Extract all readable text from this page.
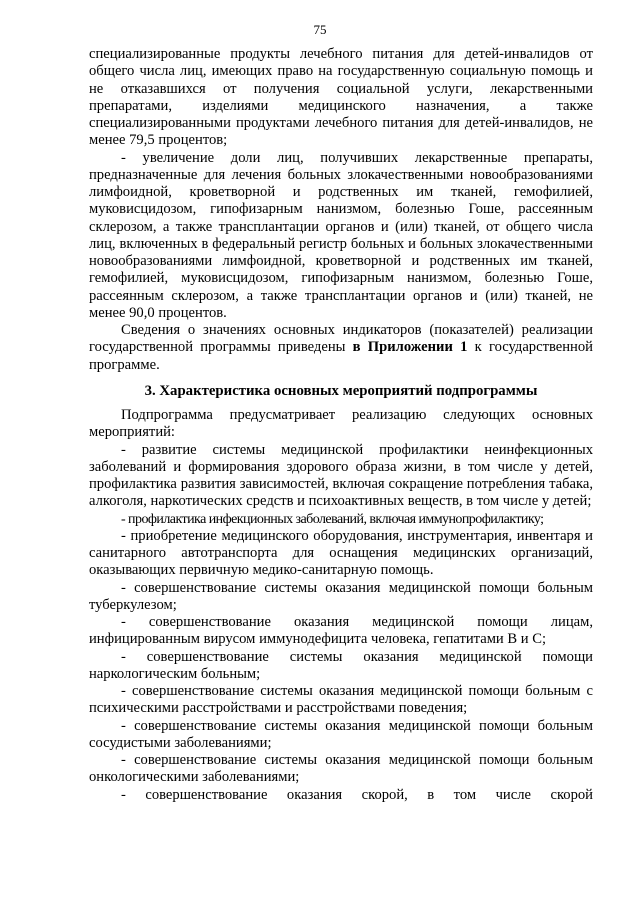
75

специализированные продукты лечебного питания для детей-инвалидов от общего числа лиц, имеющих право на государственную социальную помощь и не отказавшихся от получения социальной услуги, лекарственными препаратами, изделиями медицинского назначения, а также специализированными продуктами лечебного питания для детей-инвалидов, не менее 79,5 процентов;

- увеличение доли лиц, получивших лекарственные препараты, предназначенные для лечения больных злокачественными новообразованиями лимфоидной, кроветворной и родственных им тканей, гемофилией, муковисцидозом, гипофизарным нанизмом, болезнью Гоше, рассеянным склерозом, а также трансплантации органов и (или) тканей, от общего числа лиц, включенных в федеральный регистр больных и больных злокачественными новообразованиями лимфоидной, кроветворной и родственных им тканей, гемофилией, муковисцидозом, гипофизарным нанизмом, болезнью Гоше, рассеянным склерозом, а также трансплантации органов и (или) тканей, не менее 90,0 процентов.

Сведения о значениях основных индикаторов (показателей) реализации государственной программы приведены в Приложении 1 к государственной программе.

3. Характеристика основных мероприятий подпрограммы

Подпрограмма предусматривает реализацию следующих основных мероприятий:

- развитие системы медицинской профилактики неинфекционных заболеваний и формирования здорового образа жизни, в том числе у детей, профилактика развития зависимостей, включая сокращение потребления табака, алкоголя, наркотических средств и психоактивных веществ, в том числе у детей;

- профилактика инфекционных заболеваний, включая иммунопрофилактику;

- приобретение медицинского оборудования, инструментария, инвентаря и санитарного автотранспорта для оснащения медицинских организаций, оказывающих первичную медико-санитарную помощь.

- совершенствование системы оказания медицинской помощи больным туберкулезом;

- совершенствование оказания медицинской помощи лицам, инфицированным вирусом иммунодефицита человека, гепатитами В и С;

- совершенствование системы оказания медицинской помощи наркологическим больным;

- совершенствование системы оказания медицинской помощи больным с психическими расстройствами и расстройствами поведения;

- совершенствование системы оказания медицинской помощи больным сосудистыми заболеваниями;

- совершенствование системы оказания медицинской помощи больным онкологическими заболеваниями;

- совершенствование оказания скорой, в том числе скорой
